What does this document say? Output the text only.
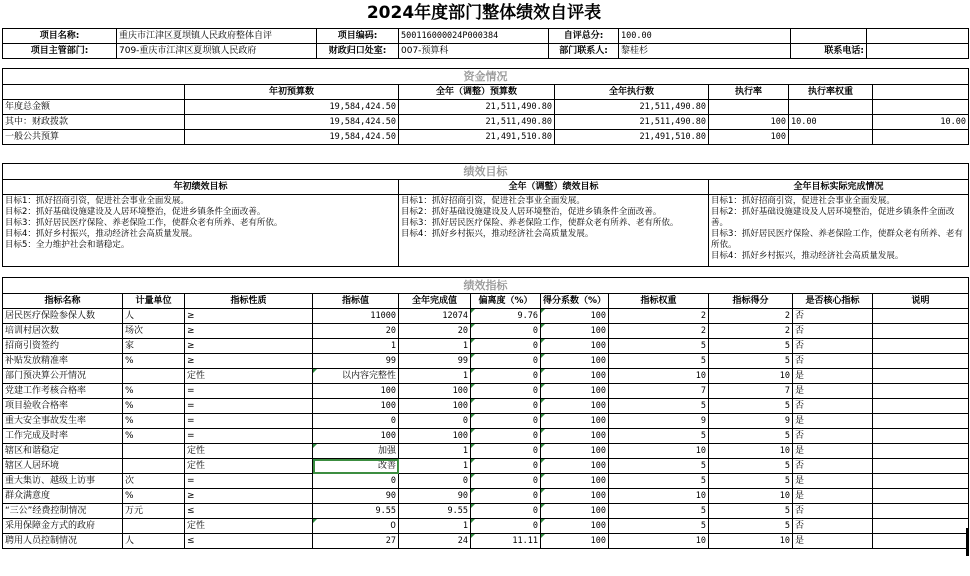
2024年度部门整体绩效自评表
项目名称:	重庆市江津区夏坝镇人民政府整体自评	项目编码:	500116000024P000384	自评总分:	100.00		
项目主管部门:	709-重庆市江津区夏坝镇人民政府	财政归口处室:	007-预算科	部门联系人:	黎桂杉	联系电话:	
资金情况						
	年初预算数	全年（调整）预算数	全年执行数	执行率	执行率权重	
年度总金额	19,584,424.50	21,511,490.80	21,511,490.80			
其中：财政拨款	19,584,424.50	21,511,490.80	21,511,490.80	100	10.00	10.00
一般公共预算	19,584,424.50	21,491,510.80	21,491,510.80	100		
绩效目标		
年初绩效目标	全年（调整）绩效目标	全年目标实际完成情况

目标1：抓好招商引资，促进社会事业全面发展。
目标2：抓好基础设施建设及人居环境整治，促进乡镇条件全面改善。
目标3：抓好居民医疗保险、养老保险工作，使群众老有所养、老有所依。
目标4：抓好乡村振兴，推动经济社会高质量发展。
目标5：全力维护社会和谐稳定。	目标1：抓好招商引资，促进社会事业全面发展。
目标2：抓好基础设施建设及人居环境整治，促进乡镇条件全面改善。
目标3：抓好居民医疗保险、养老保险工作，使群众老有所养、老有所依。
目标4：抓好乡村振兴，推动经济社会高质量发展。	目标1：抓好招商引资，促进社会事业全面发展。
目标2：抓好基础设施建设及人居环境整治，促进乡镇条件全面改善。
目标3：抓好居民医疗保险、养老保险工作，使群众老有所养、老有所依。
目标4：抓好乡村振兴，推动经济社会高质量发展。
绩效指标										
指标名称	计量单位	指标性质	指标值	全年完成值	偏离度（%）	得分系数（%）	指标权重	指标得分	是否核心指标	说明
居民医疗保险参保人数	人	≥	11000	12074	9.76	100	2	2	否	
培训村居次数	场次	≥	20	20	0	100	2	2	否	
招商引资签约	家	≥	1	1	0	100	5	5	否	
补贴发放精准率	%	≥	99	99	0	100	5	5	否	
部门预决算公开情况		定性	以内容完整性	1	0	100	10	10	是	
党建工作考核合格率	%	=	100	100	0	100	7	7	是	
项目验收合格率	%	=	100	100	0	100	5	5	否	
重大安全事故发生率	%	=	0	0	0	100	9	9	是	
工作完成及时率	%	=	100	100	0	100	5	5	否	
辖区和谐稳定		定性	加强	1	0	100	10	10	是	
辖区人居环境		定性	改善	1	0	100	5	5	否	
重大集访、越级上访事	次	=	0	0	0	100	5	5	是	
群众满意度	%	≥	90	90	0	100	10	10	是	
“三公”经费控制情况	万元	≤	9.55	9.55	0	100	5	5	否	
采用保障金方式的政府		定性	0	1	0	100	5	5	否	
聘用人员控制情况	人	≤	27	24	11.11	100	10	10	是	
